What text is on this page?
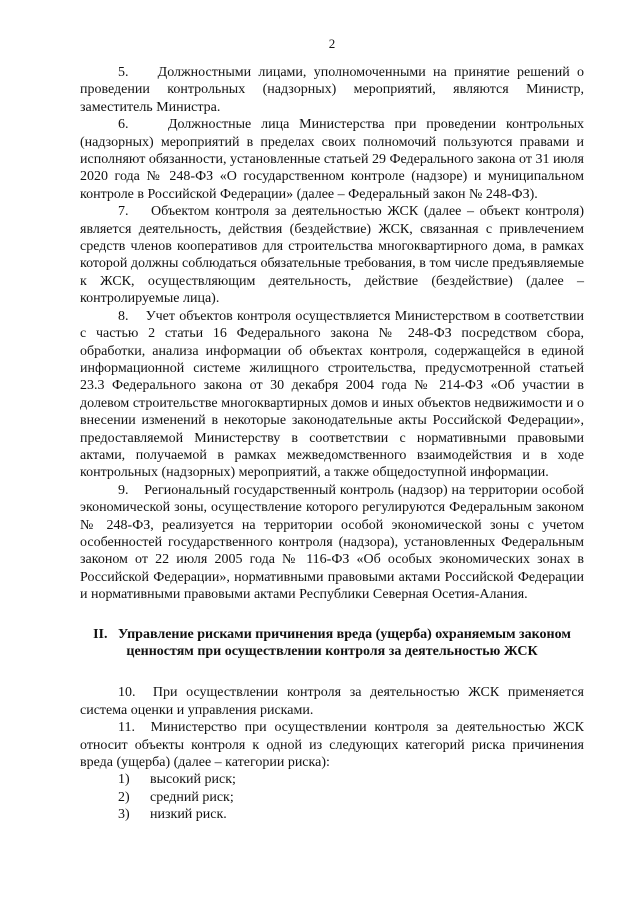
2

5.    Должностными лицами, уполномоченными на принятие решений о проведении контрольных (надзорных) мероприятий, являются Министр, заместитель Министра.

6.    Должностные лица Министерства при проведении контрольных (надзорных) мероприятий в пределах своих полномочий пользуются правами и исполняют обязанности, установленные статьей 29 Федерального закона от 31 июля 2020 года № 248-ФЗ «О государственном контроле (надзоре) и муниципальном контроле в Российской Федерации» (далее – Федеральный закон № 248-ФЗ).

7.    Объектом контроля за деятельностью ЖСК (далее – объект контроля) является деятельность, действия (бездействие) ЖСК, связанная с привлечением средств членов кооперативов для строительства многоквартирного дома, в рамках которой должны соблюдаться обязательные требования, в том числе предъявляемые к ЖСК, осуществляющим деятельность, действие (бездействие) (далее – контролируемые лица).

8.    Учет объектов контроля осуществляется Министерством в соответствии с частью 2 статьи 16 Федерального закона № 248-ФЗ посредством сбора, обработки, анализа информации об объектах контроля, содержащейся в единой информационной системе жилищного строительства, предусмотренной статьей 23.3 Федерального закона от 30 декабря 2004 года № 214-ФЗ «Об участии в долевом строительстве многоквартирных домов и иных объектов недвижимости и о внесении изменений в некоторые законодательные акты Российской Федерации», предоставляемой Министерству в соответствии с нормативными правовыми актами, получаемой в рамках межведомственного взаимодействия и в ходе контрольных (надзорных) мероприятий, а также общедоступной информации.

9.    Региональный государственный контроль (надзор) на территории особой экономической зоны, осуществление которого регулируются Федеральным законом № 248-ФЗ, реализуется на территории особой экономической зоны с учетом особенностей государственного контроля (надзора), установленных Федеральным законом от 22 июля 2005 года № 116-ФЗ «Об особых экономических зонах в Российской Федерации», нормативными правовыми актами Российской Федерации и нормативными правовыми актами Республики Северная Осетия-Алания.

II.   Управление рисками причинения вреда (ущерба) охраняемым законом ценностям при осуществлении контроля за деятельностью ЖСК

10.  При осуществлении контроля за деятельностью ЖСК применяется система оценки и управления рисками.

11.  Министерство при осуществлении контроля за деятельностью ЖСК относит объекты контроля к одной из следующих категорий риска причинения вреда (ущерба) (далее – категории риска):

1)	высокий риск;
2)	средний риск;
3)	низкий риск.
